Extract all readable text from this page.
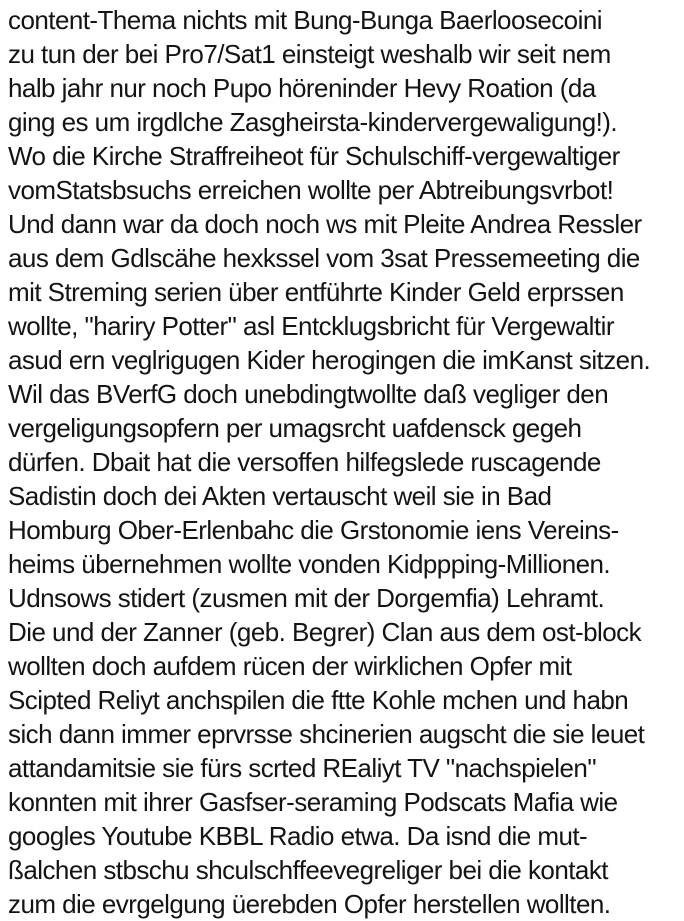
content-Thema nichts mit Bung-Bunga Baerloosecoini
zu tun der bei Pro7/Sat1 einsteigt weshalb wir seit nem
halb jahr nur noch Pupo höreninder Hevy Roation (da
ging es um irgdlche Zasgheirsta-kindervergewaligung!).
Wo die Kirche Straffreiheot für Schulschiff-vergewaltiger
vomStatsbsuchs erreichen wollte per Abtreibungsvrbot!
Und dann war da doch noch ws mit Pleite Andrea Ressler
aus dem Gdlscähe hexkssel vom 3sat Pressemeeting die
mit Streming serien über entführte Kinder Geld erprssen
wollte, "hariry Potter" asl Entcklugsbricht für Vergewaltir
asud ern veglrigugen Kider herogingen die imKanst sitzen.
Wil das BVerfG doch unebdingtwollte daß vegliger den
vergeligungsopfern per umagsrcht uafdensck gegeh
dürfen. Dbait hat die versoffen hilfegslede ruscagende
Sadistin doch dei Akten vertauscht weil sie in Bad
Homburg Ober-Erlenbahc die Grstonomie iens Vereins-
heims übernehmen wollte vonden Kidppping-Millionen.
Udnsows stidert (zusmen mit der Dorgemfia) Lehramt.
Die und der Zanner (geb. Begrer) Clan aus dem ost-block
wollten doch aufdem rücen der wirklichen Opfer mit
Scipted Reliyt anchspilen die ftte Kohle mchen und habn
sich dann immer eprvrsse shcinerien augscht die sie leuet
attandamitsie sie fürs scrted REaliyt TV "nachspielen"
konnten mit ihrer Gasfser-seraming Podscats Mafia wie
googles Youtube KBBL Radio etwa. Da isnd die mut-
ßalchen stbschu shculschffeevegreliger bei die kontakt
zum die evrgelgung üerebden Opfer herstellen wollten.
